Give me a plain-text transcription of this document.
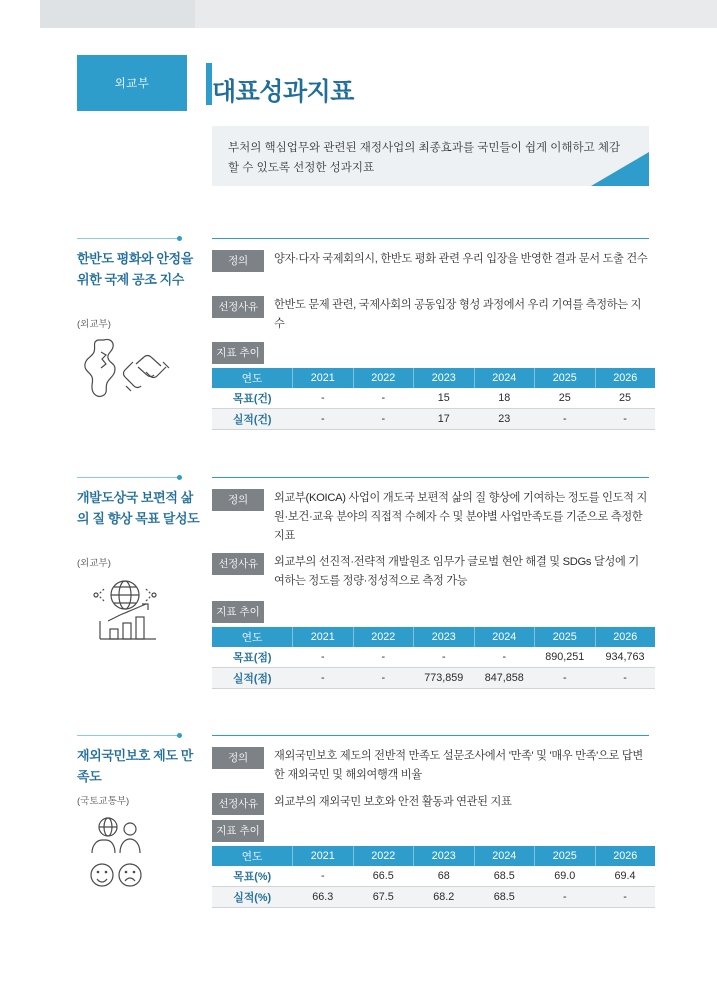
외교부	대표성과지표
부처의 핵심업무와 관련된 재정사업의 최종효과를 국민들이 쉽게 이해하고 체감할 수 있도록 선정한 성과지표
한반도 평화와 안정을 위한 국제 공조 지수
(외교부)
정의	양자·다자 국제회의시, 한반도 평화 관련 우리 입장을 반영한 결과 문서 도출 건수
선정사유	한반도 문제 관련, 국제사회의 공동입장 형성 과정에서 우리 기여를 측정하는 지수
지표 추이
연도	2021	2022	2023	2024	2025	2026
목표(건)	-	-	15	18	25	25
실적(건)	-	-	17	23	-	-
개발도상국 보편적 삶의 질 향상 목표 달성도
(외교부)
정의	외교부(KOICA) 사업이 개도국 보편적 삶의 질 향상에 기여하는 정도를 인도적 지원·보건·교육 분야의 직접적 수혜자 수 및 분야별 사업만족도를 기준으로 측정한 지표
선정사유	외교부의 선진적·전략적 개발원조 임무가 글로벌 현안 해결 및 SDGs 달성에 기여하는 정도를 정량·정성적으로 측정 가능
지표 추이
연도	2021	2022	2023	2024	2025	2026
목표(점)	-	-	-	-	890,251	934,763
실적(점)	-	-	773,859	847,858	-	-
재외국민보호 제도 만족도
(국토교통부)
정의	재외국민보호 제도의 전반적 만족도 설문조사에서 '만족' 및 '매우 만족'으로 답변한 재외국민 및 해외여행객 비율
선정사유	외교부의 재외국민 보호와 안전 활동과 연관된 지표
지표 추이
연도	2021	2022	2023	2024	2025	2026
목표(%)	-	66.5	68	68.5	69.0	69.4
실적(%)	66.3	67.5	68.2	68.5	-	-
